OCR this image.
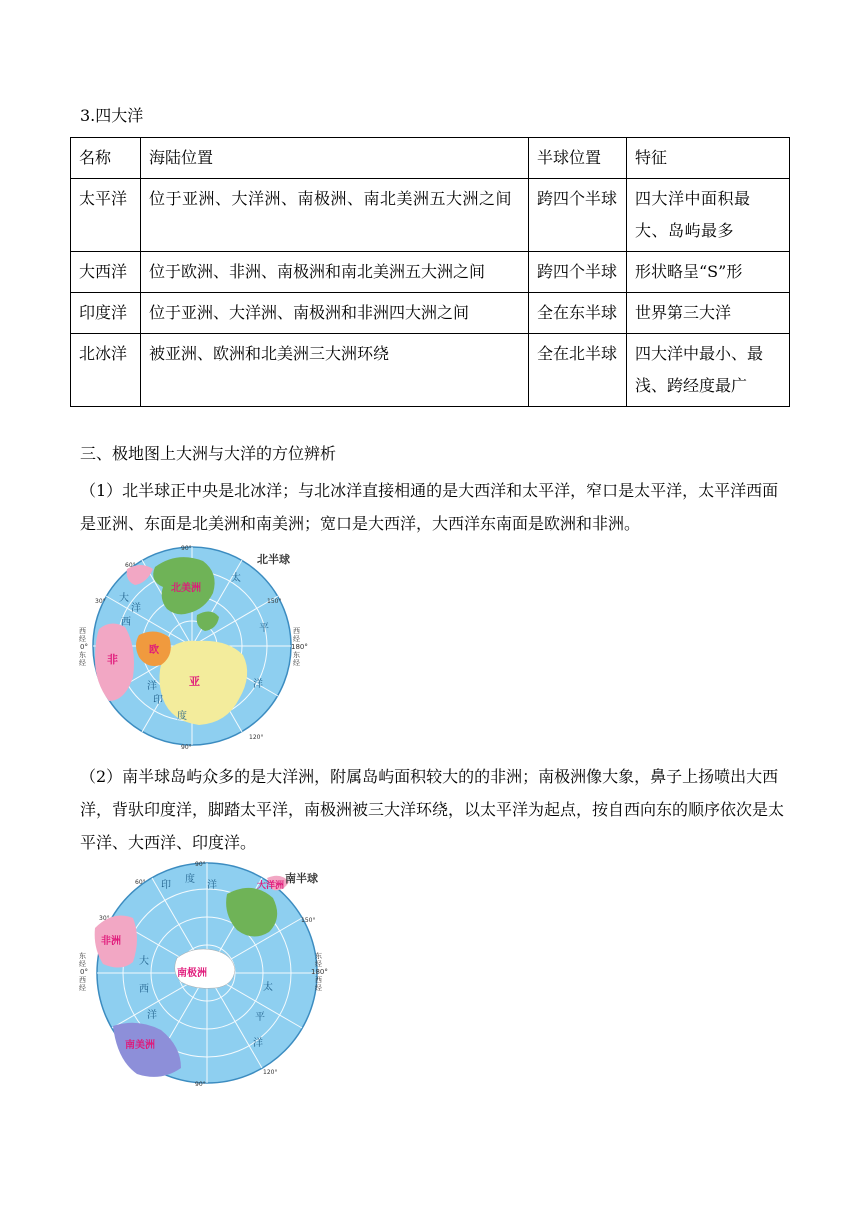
3.四大洋
名称	海陆位置	半球位置	特征
太平洋	位于亚洲、大洋洲、南极洲、南北美洲五大洲之间	跨四个半球	四大洋中面积最大、岛屿最多
大西洋	位于欧洲、非洲、南极洲和南北美洲五大洲之间	跨四个半球	形状略呈“S”形
印度洋	位于亚洲、大洋洲、南极洲和非洲四大洲之间	全在东半球	世界第三大洋
北冰洋	被亚洲、欧洲和北美洲三大洲环绕	全在北半球	四大洋中最小、最浅、跨经度最广
三、极地图上大洲与大洋的方位辨析
（1）北半球正中央是北冰洋；与北冰洋直接相通的是大西洋和太平洋，窄口是太平洋，太平洋西面是亚洲、东面是北美洲和南美洲；宽口是大西洋，大西洋东南面是欧洲和非洲。
北美洲
非
欧
亚
大
西
洋
太
平
洋
印
度
洋
90°
90°
60°
30°	150°
120°
西
经
0°
东
经
西
经
180°
东
经
北半球
（2）南半球岛屿众多的是大洋洲，附属岛屿面积较大的的非洲；南极洲像大象，鼻子上扬喷出大西洋，背驮印度洋，脚踏太平洋，南极洲被三大洋环绕，以太平洋为起点，按自西向东的顺序依次是太平洋、大西洋、印度洋。
南极洲
非洲
大洋洲
南美洲
印
度
洋
大
西
洋
太
平
洋
90°
90°
60°
30°	150°
120°
东
经
0°
西
经
东
经
180°
西
经
南半球
